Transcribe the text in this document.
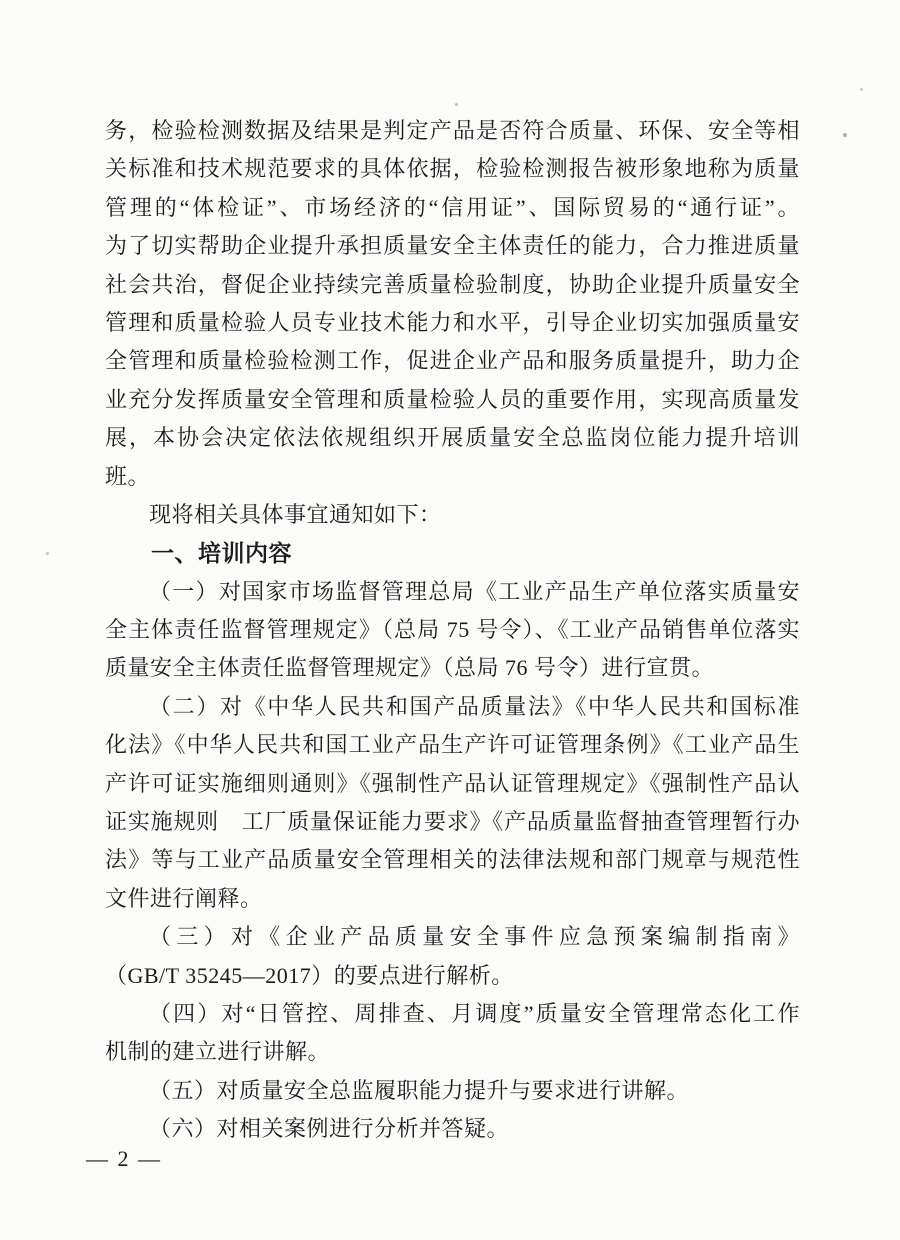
务，检验检测数据及结果是判定产品是否符合质量、环保、安全等相
关标准和技术规范要求的具体依据，检验检测报告被形象地称为质量
管理的“体检证”、市场经济的“信用证”、国际贸易的“通行证”。
为了切实帮助企业提升承担质量安全主体责任的能力，合力推进质量
社会共治，督促企业持续完善质量检验制度，协助企业提升质量安全
管理和质量检验人员专业技术能力和水平，引导企业切实加强质量安
全管理和质量检验检测工作，促进企业产品和服务质量提升，助力企
业充分发挥质量安全管理和质量检验人员的重要作用，实现高质量发
展，本协会决定依法依规组织开展质量安全总监岗位能力提升培训
班。
现将相关具体事宜通知如下：
一、培训内容
（一）对国家市场监督管理总局《工业产品生产单位落实质量安
全主体责任监督管理规定》（总局 75 号令）、《工业产品销售单位落实
质量安全主体责任监督管理规定》（总局 76 号令）进行宣贯。
（二）对《中华人民共和国产品质量法》《中华人民共和国标准
化法》《中华人民共和国工业产品生产许可证管理条例》《工业产品生
产许可证实施细则通则》《强制性产品认证管理规定》《强制性产品认
证实施规则　工厂质量保证能力要求》《产品质量监督抽查管理暂行办
法》等与工业产品质量安全管理相关的法律法规和部门规章与规范性
文件进行阐释。
（三）对《企业产品质量安全事件应急预案编制指南》
（GB/T 35245—2017）的要点进行解析。
（四）对“日管控、周排查、月调度”质量安全管理常态化工作
机制的建立进行讲解。
（五）对质量安全总监履职能力提升与要求进行讲解。
（六）对相关案例进行分析并答疑。
— 2 —
